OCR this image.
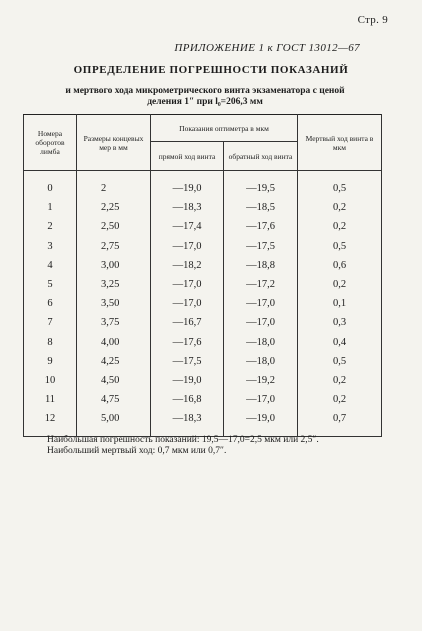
Стр. 9
ПРИЛОЖЕНИЕ 1 к ГОСТ 13012—67
ОПРЕДЕЛЕНИЕ ПОГРЕШНОСТИ ПОКАЗАНИЙ
и мертвого хода микрометрического винта экзаменатора с ценой
деления 1″ при l₀=206,3 мм
Номера оборотов лимба	Размеры концевых мер в мм	Показания оптиметра в мкм		Мертвый ход винта в мкм
		прямой ход винта	обратный ход винта	
0	2	—19,0	—19,5	0,5
1	2,25	—18,3	—18,5	0,2
2	2,50	—17,4	—17,6	0,2
3	2,75	—17,0	—17,5	0,5
4	3,00	—18,2	—18,8	0,6
5	3,25	—17,0	—17,2	0,2
6	3,50	—17,0	—17,0	0,1
7	3,75	—16,7	—17,0	0,3
8	4,00	—17,6	—18,0	0,4
9	4,25	—17,5	—18,0	0,5
10	4,50	—19,0	—19,2	0,2
11	4,75	—16,8	—17,0	0,2
12	5,00	—18,3	—19,0	0,7
Наибольшая погрешность показаний: 19,5—17,0=2,5 мкм или 2,5″.
Наибольший мертвый ход: 0,7 мкм или 0,7″.
